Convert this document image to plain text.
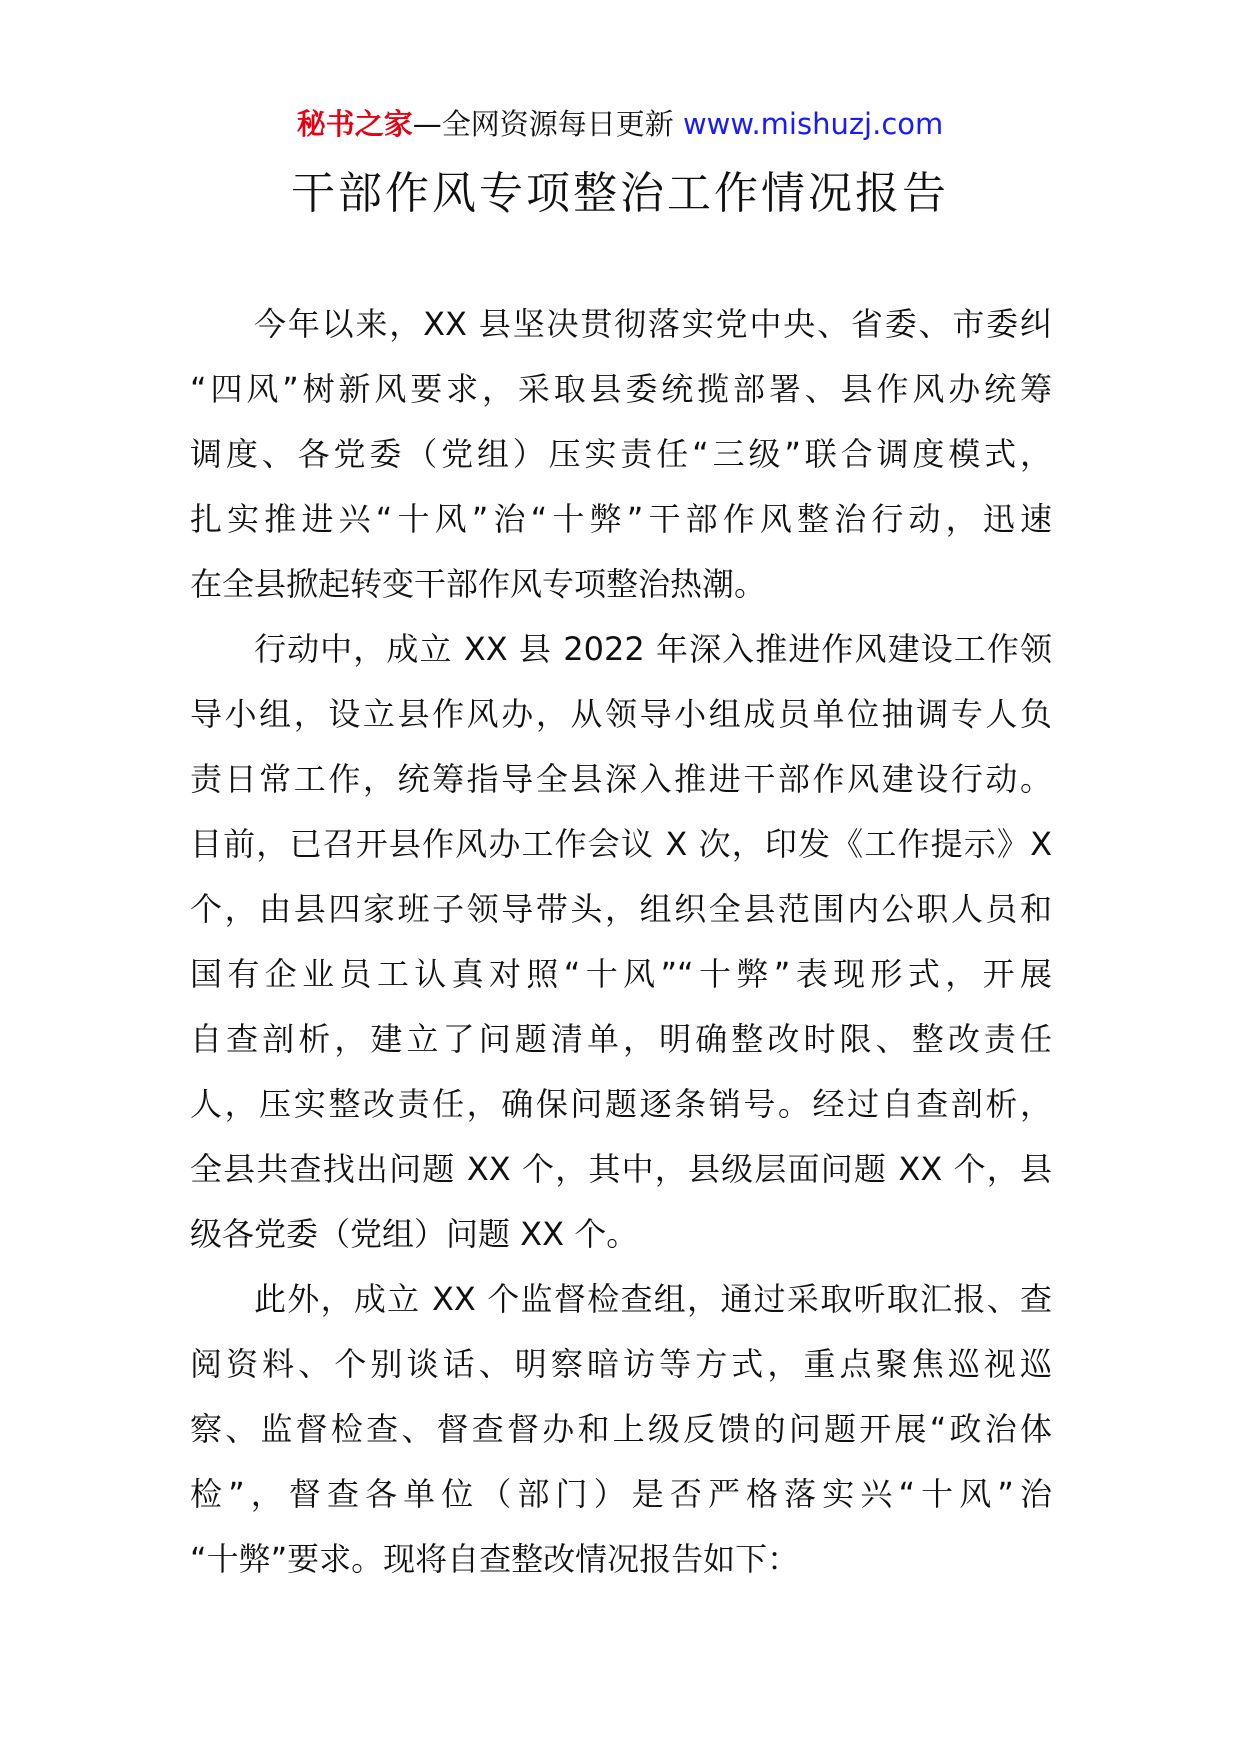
秘书之家—全网资源每日更新 www.mishuzj.com
干部作风专项整治工作情况报告
今年以来，XX 县坚决贯彻落实党中央、省委、市委纠
“四风”树新风要求，采取县委统揽部署、县作风办统筹
调度、各党委（党组）压实责任“三级”联合调度模式，
扎实推进兴“十风”治“十弊”干部作风整治行动，迅速
在全县掀起转变干部作风专项整治热潮。
行动中，成立 XX 县 2022 年深入推进作风建设工作领
导小组，设立县作风办，从领导小组成员单位抽调专人负
责日常工作，统筹指导全县深入推进干部作风建设行动。
目前，已召开县作风办工作会议 X 次，印发《工作提示》X
个，由县四家班子领导带头，组织全县范围内公职人员和
国有企业员工认真对照“十风”“十弊”表现形式，开展
自查剖析，建立了问题清单，明确整改时限、整改责任
人，压实整改责任，确保问题逐条销号。经过自查剖析，
全县共查找出问题 XX 个，其中，县级层面问题 XX 个，县
级各党委（党组）问题 XX 个。
此外，成立 XX 个监督检查组，通过采取听取汇报、查
阅资料、个别谈话、明察暗访等方式，重点聚焦巡视巡
察、监督检查、督查督办和上级反馈的问题开展“政治体
检”，督查各单位（部门）是否严格落实兴“十风”治
“十弊”要求。现将自查整改情况报告如下：
